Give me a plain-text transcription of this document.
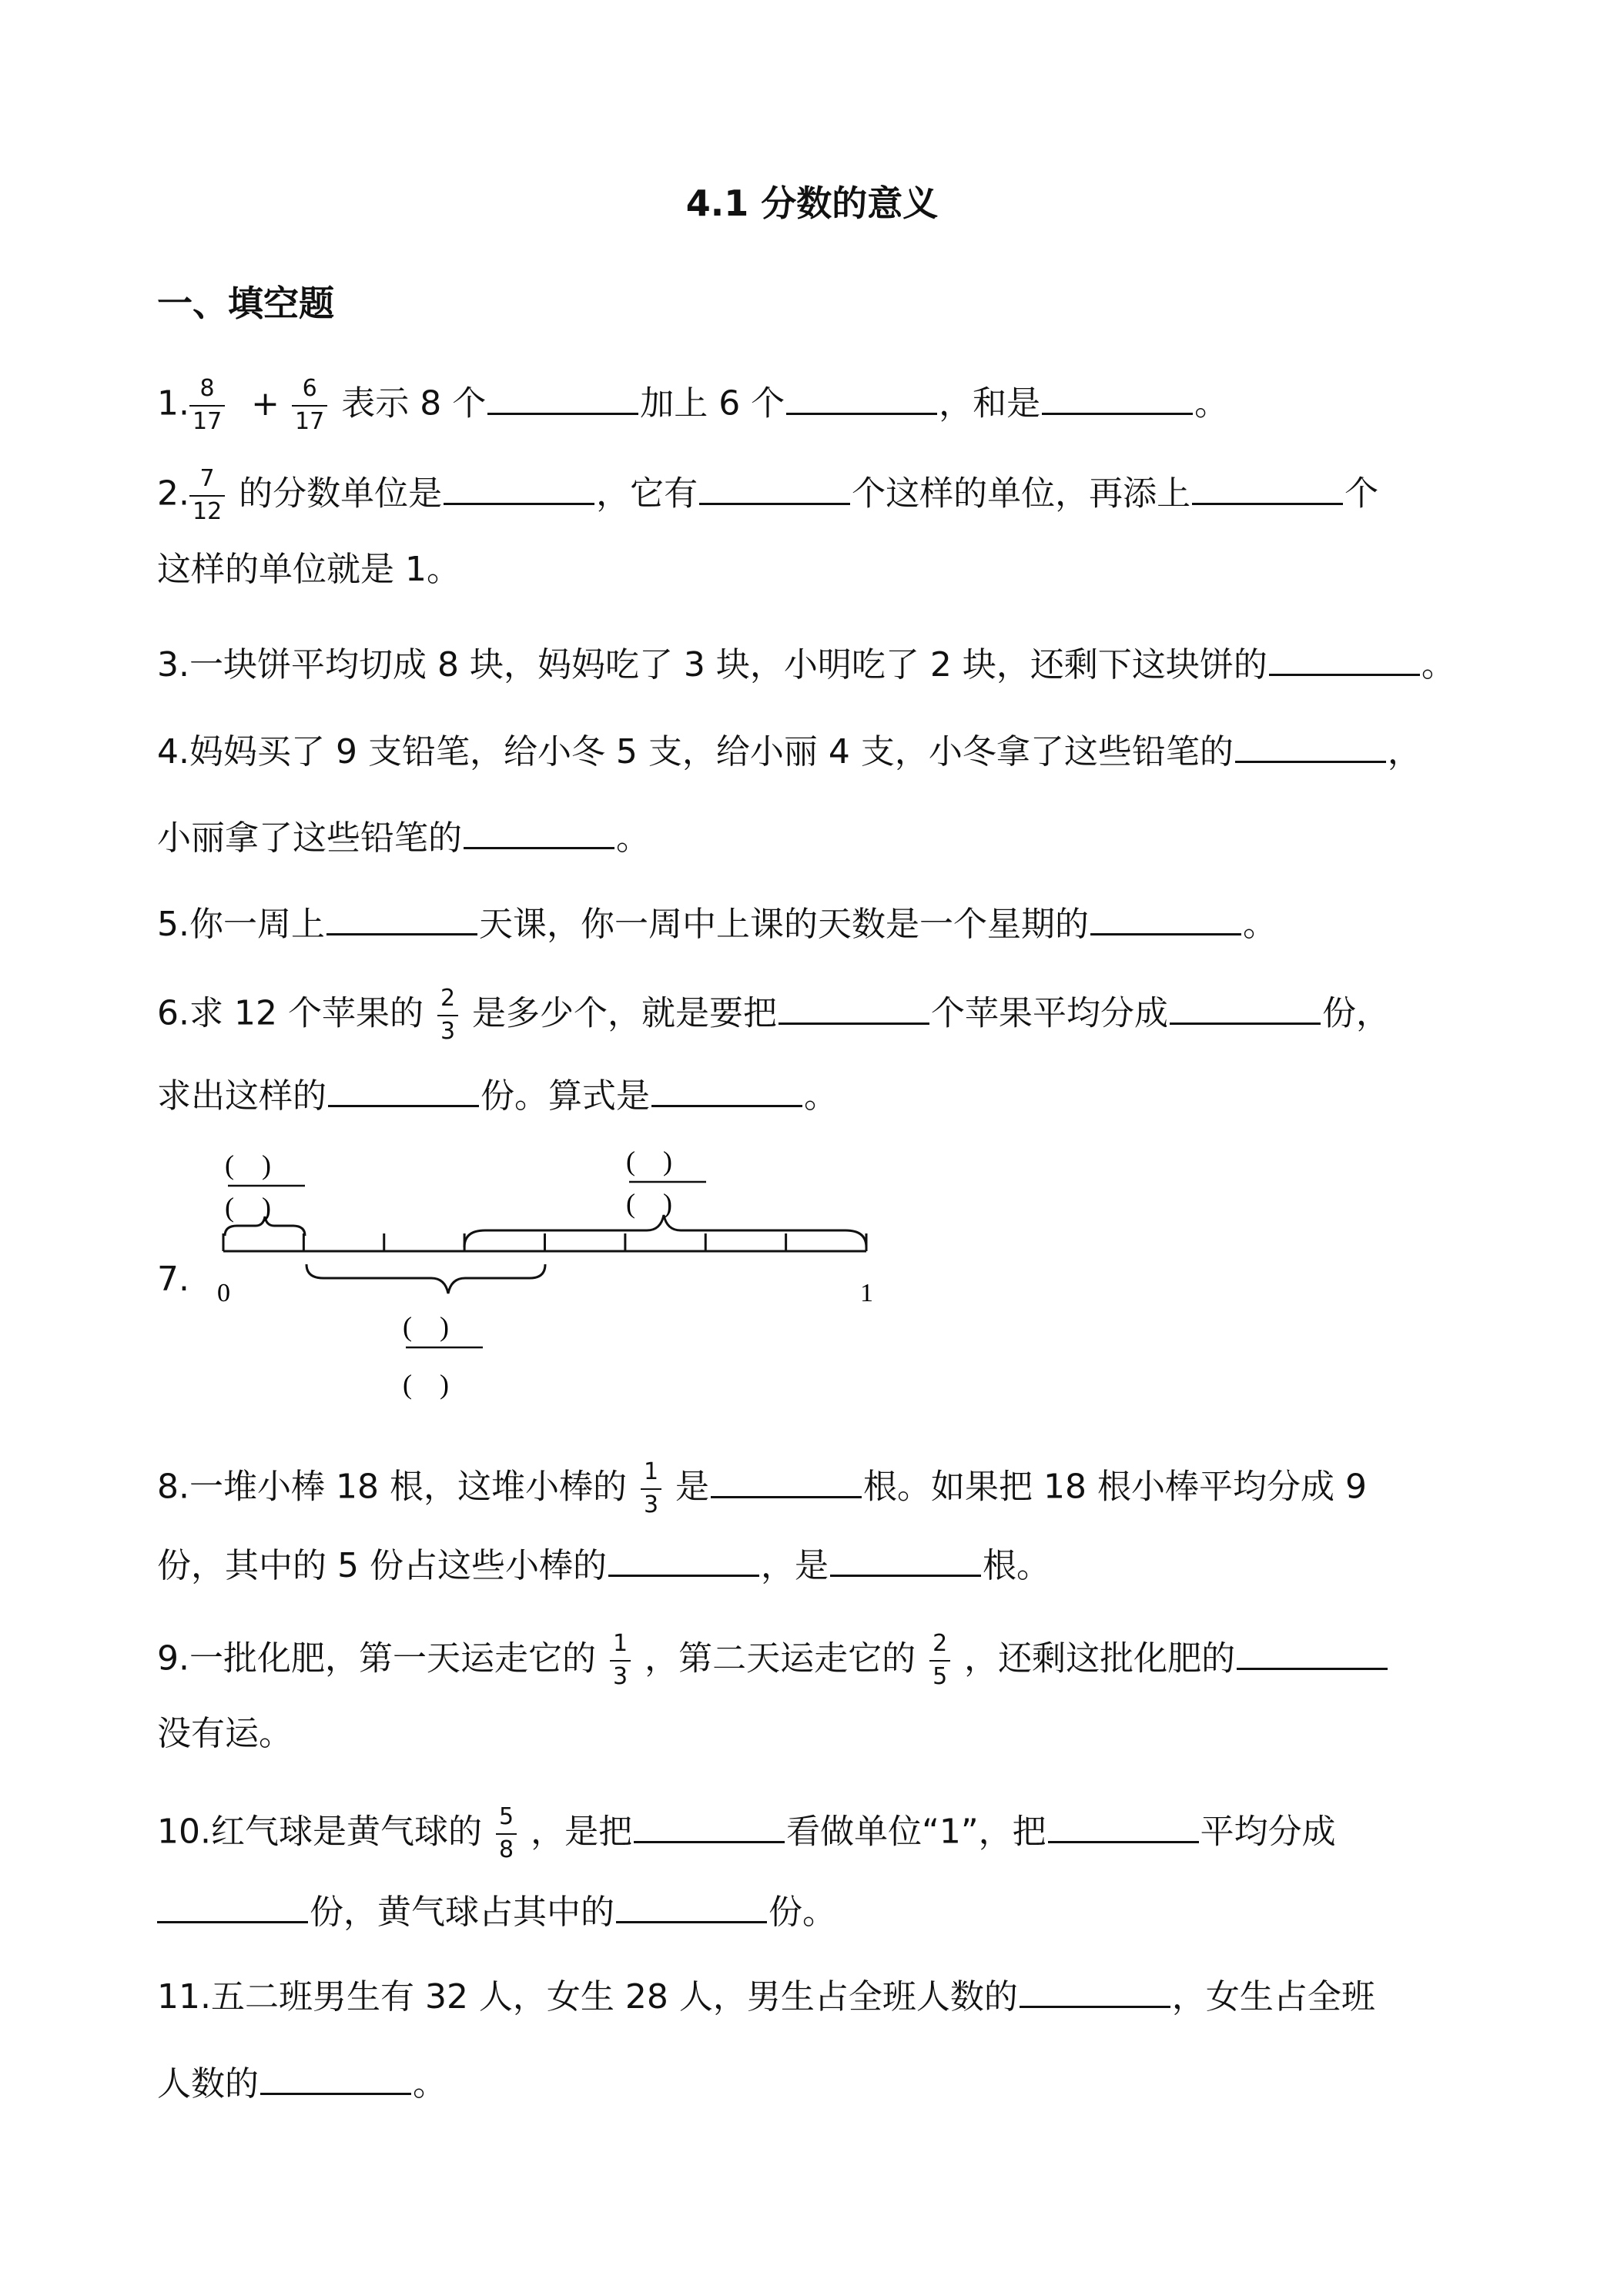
4.1 分数的意义
一、填空题
1. $\frac{8}{17} + \frac{6}{17}$ 表示 8 个	加上 6 个	，和是	。
2. $\frac{7}{12}$ 的分数单位是	，它有	个这样的单位，再添上	个
这样的单位就是 1。
3.一块饼平均切成 8 块，妈妈吃了 3 块，小明吃了 2 块，还剩下这块饼的	。
4.妈妈买了 9 支铅笔，给小冬 5 支，给小丽 4 支，小冬拿了这些铅笔的	，
小丽拿了这些铅笔的	。
5.你一周上	天课，你一周中上课的天数是一个星期的	。
6.求 12 个苹果的 $\frac{2}{3}$ 是多少个，就是要把	个苹果平均分成	份，
求出这样的	份。算式是	。
7.
(　)
(　)
(　)
(　)
(　)
(　)
0	1
8.一堆小棒 18 根，这堆小棒的 $\frac{1}{3}$ 是	根。如果把 18 根小棒平均分成 9
份，其中的 5 份占这些小棒的	，是	根。
9.一批化肥，第一天运走它的 $\frac{1}{3}$ ，第二天运走它的 $\frac{2}{5}$ ，还剩这批化肥的
没有运。
10.红气球是黄气球的 $\frac{5}{8}$ ，是把	看做单位“1”，把	平均分成
份，黄气球占其中的	份。
11.五二班男生有 32 人，女生 28 人，男生占全班人数的	，女生占全班
人数的	。
